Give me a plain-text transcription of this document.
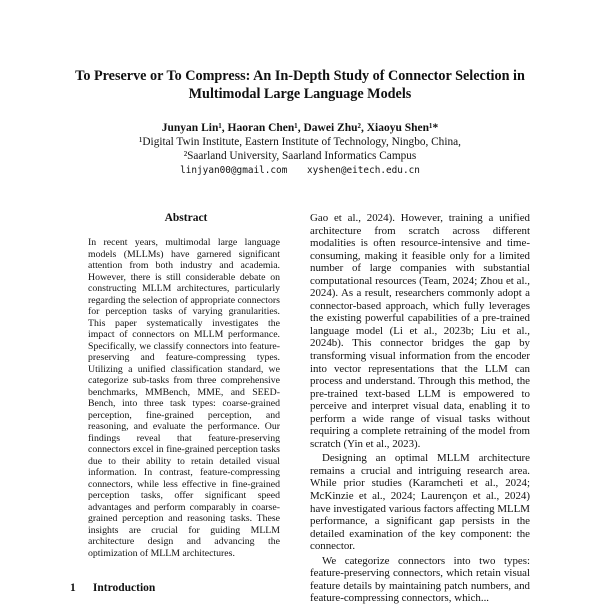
To Preserve or To Compress: An In-Depth Study of Connector Selection in Multimodal Large Language Models
Junyan Lin¹, Haoran Chen¹, Dawei Zhu², Xiaoyu Shen¹*
¹Digital Twin Institute, Eastern Institute of Technology, Ningbo, China,
²Saarland University, Saarland Informatics Campus
linjyan00@gmail.com xyshen@eitech.edu.cn
Abstract

In recent years, multimodal large language models (MLLMs) have garnered significant attention from both industry and academia. However, there is still considerable debate on constructing MLLM architectures, particularly regarding the selection of appropriate connectors for perception tasks of varying granularities. This paper systematically investigates the impact of connectors on MLLM performance. Specifically, we classify connectors into feature-preserving and feature-compressing types. Utilizing a unified classification standard, we categorize sub-tasks from three comprehensive benchmarks, MMBench, MME, and SEED-Bench, into three task types: coarse-grained perception, fine-grained perception, and reasoning, and evaluate the performance. Our findings reveal that feature-preserving connectors excel in fine-grained perception tasks due to their ability to retain detailed visual information. In contrast, feature-compressing connectors, while less effective in fine-grained perception tasks, offer significant speed advantages and perform comparably in coarse-grained perception and reasoning tasks. These insights are crucial for guiding MLLM architecture design and advancing the optimization of MLLM architectures.

1 Introduction

Gao et al., 2024). However, training a unified architecture from scratch across different modalities is often resource-intensive and time-consuming, making it feasible only for a limited number of large companies with substantial computational resources (Team, 2024; Zhou et al., 2024). As a result, researchers commonly adopt a connector-based approach, which fully leverages the existing powerful capabilities of a pre-trained language model (Li et al., 2023b; Liu et al., 2024b). This connector bridges the gap by transforming visual information from the encoder into vector representations that the LLM can process and understand. Through this method, the pre-trained text-based LLM is empowered to perceive and interpret visual data, enabling it to perform a wide range of visual tasks without requiring a complete retraining of the model from scratch (Yin et al., 2023).

Designing an optimal MLLM architecture remains a crucial and intriguing research area. While prior studies (Karamcheti et al., 2024; McKinzie et al., 2024; Laurençon et al., 2024) have investigated various factors affecting MLLM performance, a significant gap persists in the detailed examination of the key component: the connector.

We categorize connectors into two types: feature-preserving connectors, which retain visual feature details by maintaining patch numbers, and feature-compressing connectors, which...
